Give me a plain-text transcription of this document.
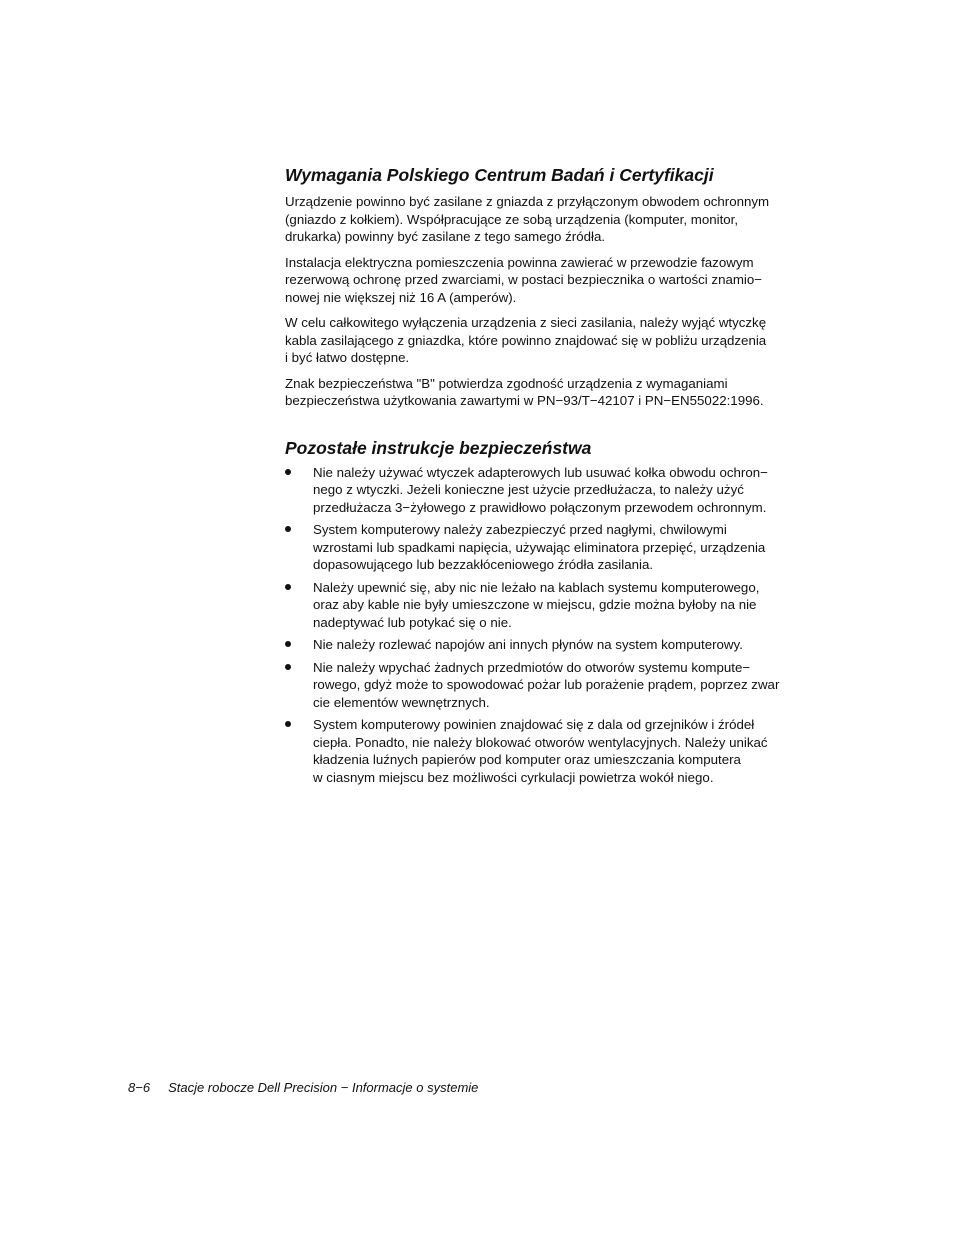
Wymagania Polskiego Centrum Badań i Certyfikacji

Urządzenie powinno być zasilane z gniazda z przyłączonym obwodem ochronnym
(gniazdo z kołkiem). Współpracujące ze sobą urządzenia (komputer, monitor,
drukarka) powinny być zasilane z tego samego źródła.

Instalacja elektryczna pomieszczenia powinna zawierać w przewodzie fazowym
rezerwową ochronę przed zwarciami, w postaci bezpiecznika o wartości znamio−
nowej nie większej niż 16 A (amperów).

W celu całkowitego wyłączenia urządzenia z sieci zasilania, należy wyjąć wtyczkę
kabla zasilającego z gniazdka, które powinno znajdować się w pobliżu urządzenia
i być łatwo dostępne.

Znak bezpieczeństwa "B" potwierdza zgodność urządzenia z wymaganiami
bezpieczeństwa użytkowania zawartymi w PN−93/T−42107 i PN−EN55022:1996.

Pozostałe instrukcje bezpieczeństwa
Nie należy używać wtyczek adapterowych lub usuwać kołka obwodu ochron−
nego z wtyczki. Jeżeli konieczne jest użycie przedłużacza, to należy użyć
przedłużacza 3−żyłowego z prawidłowo połączonym przewodem ochronnym.
System komputerowy należy zabezpieczyć przed nagłymi, chwilowymi
wzrostami lub spadkami napięcia, używając eliminatora przepięć, urządzenia
dopasowującego lub bezzakłóceniowego źródła zasilania.
Należy upewnić się, aby nic nie leżało na kablach systemu komputerowego,
oraz aby kable nie były umieszczone w miejscu, gdzie można byłoby na nie
nadeptywać lub potykać się o nie.
Nie należy rozlewać napojów ani innych płynów na system komputerowy.
Nie należy wpychać żadnych przedmiotów do otworów systemu kompute−
rowego, gdyż może to spowodować pożar lub porażenie prądem, poprzez zwar
cie elementów wewnętrznych.
System komputerowy powinien znajdować się z dala od grzejników i źródeł
ciepła. Ponadto, nie należy blokować otworów wentylacyjnych. Należy unikać
kładzenia luźnych papierów pod komputer oraz umieszczania komputera
w ciasnym miejscu bez możliwości cyrkulacji powietrza wokół niego.
8−6 Stacje robocze Dell Precision − Informacje o systemie
